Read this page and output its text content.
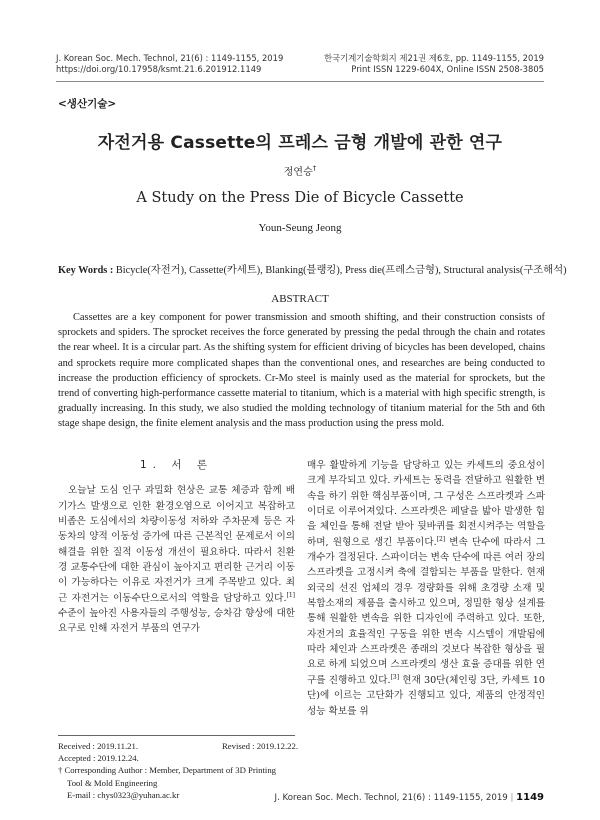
J. Korean Soc. Mech. Technol, 21(6) : 1149-1155, 2019
https://doi.org/10.17958/ksmt.21.6.201912.1149
한국기계기술학회지 제21권 제6호, pp. 1149-1155, 2019
Print ISSN 1229-604X, Online ISSN 2508-3805
<생산기술>
자전거용 Cassette의 프레스 금형 개발에 관한 연구
정연승†
A Study on the Press Die of Bicycle Cassette
Youn-Seung Jeong
Key Words : Bicycle(자전거), Cassette(카세트), Blanking(블랭킹), Press die(프레스금형), Structural analysis(구조해석)
ABSTRACT
Cassettes are a key component for power transmission and smooth shifting, and their construction consists of sprockets and spiders. The sprocket receives the force generated by pressing the pedal through the chain and rotates the rear wheel. It is a circular part. As the shifting system for efficient driving of bicycles has been developed, chains and sprockets require more complicated shapes than the conventional ones, and researches are being conducted to increase the production efficiency of sprockets. Cr-Mo steel is mainly used as the material for sprockets, but the trend of converting high-performance cassette material to titanium, which is a material with high specific strength, is gradually increasing. In this study, we also studied the molding technology of titanium material for the 5th and 6th stage shape design, the finite element analysis and the mass production using the press mold.
1. 서 론
오늘날 도심 인구 과밀화 현상은 교통 체증과 함께 배기가스 발생으로 인한 환경오염으로 이어지고 복잡하고 비좁은 도심에서의 차량이동성 저하와 주차문제 등은 자동차의 양적 이동성 증가에 따른 근본적인 문제로서 이의 해결을 위한 질적 이동성 개선이 필요하다. 따라서 친환경 교통수단에 대한 관심이 높아지고 편리한 근거리 이동이 가능하다는 이유로 자전거가 크게 주목받고 있다. 최근 자전거는 이동수단으로서의 역할을 담당하고 있다.[1] 수준이 높아진 사용자들의 주행성능, 승차감 향상에 대한 요구로 인해 자전거 부품의 연구가
매우 활발하게 기능을 담당하고 있는 카세트의 중요성이 크게 부각되고 있다. 카세트는 동력을 전달하고 원활한 변속을 하기 위한 핵심부품이며, 그 구성은 스프라켓과 스파이더로 이루어져있다. 스프라켓은 페달을 밟아 발생한 힘을 체인을 통해 전달 받아 뒷바퀴를 회전시켜주는 역할을 하며, 원형으로 생긴 부품이다.[2] 변속 단수에 따라서 그 개수가 결정된다. 스파이더는 변속 단수에 따른 여러 장의 스프라켓을 고정시켜 축에 결합되는 부품을 말한다. 현재 외국의 선진 업체의 경우 경량화를 위해 초경량 소재 및 복합소재의 제품을 출시하고 있으며, 정밀한 형상 설계를 통해 원활한 변속을 위한 디자인에 주력하고 있다. 또한, 자전거의 효율적인 구동을 위한 변속 시스템이 개발됨에 따라 체인과 스프라켓은 종래의 것보다 복잡한 형상을 필요로 하게 되었으며 스프라켓의 생산 효율 증대를 위한 연구를 진행하고 있다.[3] 현재 30단(체인링 3단, 카세트 10단)에 이르는 고단화가 진행되고 있다, 제품의 안정적인 성능 확보를 위
Received : 2019.11.21.	Revised : 2019.12.22.
Accepted : 2019.12.24.
† Corresponding Author : Member, Department of 3D Printing
Tool & Mold Engineering
E-mail : chys0323@yuhan.ac.kr	J. Korean Soc. Mech. Technol, 21(6) : 1149-1155, 2019 | 1149
